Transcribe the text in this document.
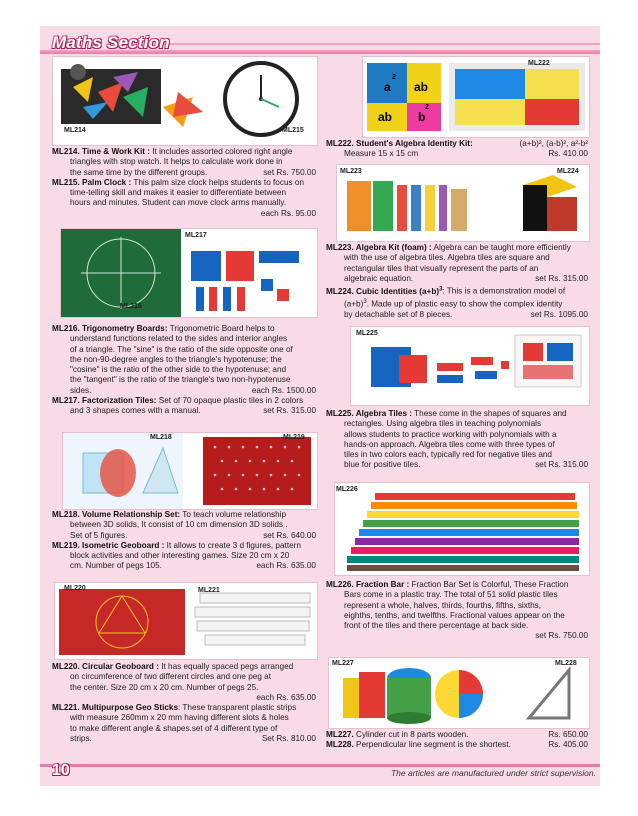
Maths Section
ML214	ML215
ML214. Time & Work Kit : It includes assorted colored right angle
triangles with stop watch. It helps to calculate work done in
the same time by the different groups.	set Rs. 750.00
ML215. Palm Clock : This palm size clock helps students to focus on
time-telling skill and makes it easier to differentiate between
hours and minutes. Student can move clock arms manually.
each Rs. 95.00
ML216
ML217
ML216. Trigonometry Boards: Trigonometric Board helps to
understand functions related to the sides and interior angles
of a triangle. The "sine" is the ratio of the side opposite one of
the non-90-degree angles to the triangle's hypotenuse; the
"cosine" is the ratio of the other side to the hypotenuse; and
the "tangent" is the ratio of the triangle's two non-hypotenuse
sides.	each Rs. 1500.00
ML217. Factorization Tiles: Set of 70 opaque plastic tiles in 2 colors
and 3 shapes comes with a manual.	set Rs. 315.00
ML218	ML219
ML218. Volume Relationship Set: To teach volume relationship
between 3D solids, It consist of 10 cm dimension 3D solids .
Set of 5 figures.	set Rs. 640.00
ML219. Isometric Geoboard : It allows to create 3 d figures, pattern
block activities and other interesting games. Size 20 cm x 20
cm. Number of pegs 105.	each Rs. 635.00
ML220	ML221
ML220. Circular Geoboard : It has equally spaced pegs arranged
on circumference of two different circles and one peg at
the center. Size 20 cm x 20 cm. Number of pegs 25.
each Rs. 635.00
ML221. Multipurpose Geo Sticks: These transparent plastic strips
with measure 260mm x 20 mm having different slots & holes
to make different angle & shapes.set of 4 different type of
strips.	Set Rs. 810.00
a
2
ab
ab b
2
ML222
ML222. Student's Algebra Identity Kit:	(a+b)², (a-b)², a²-b²
Measure 15 x 15 cm	Rs. 410.00
ML223	ML224
ML223. Algebra Kit (foam) : Algebra can be taught more efficiently
with the use of algebra tiles. Algebra tiles are square and
rectangular tiles that visually represent the parts of an
algebraic equation.	set Rs. 315.00
ML224. Cubic Identities $(a+b)^3$: This is a demonstration model of
$(a+b)^3$. Made up of plastic easy to show the complex identity
by detachable set of 8 pieces.	set Rs. 1095.00
ML225
ML225. Algebra Tiles : These come in the shapes of squares and
rectangles. Using algebra tiles in teaching polynomials
allows students to practice working with polynomials with a
hands-on approach. Algebra tiles come with three types of
tiles in two colors each, typically red for negative tiles and
blue for positive tiles.	set Rs. 315.00
ML226
ML226. Fraction Bar : Fraction Bar Set is Colorful, These Fraction
Bars come in a plastic tray. The total of 51 solid plastic tiles
represent a whole, halves, thirds, fourths, fifths, sixths,
eighths, tenths, and twelfths. Fractional values appear on the
front of the tiles and there percentage at back side.
set Rs. 750.00
ML227	ML228
ML227. Cylinder cut in 8 parts wooden.	Rs. 650.00
ML228. Perpendicular line segment is the shortest.	Rs. 405.00
10	The articles are manufactured under strict supervision.
